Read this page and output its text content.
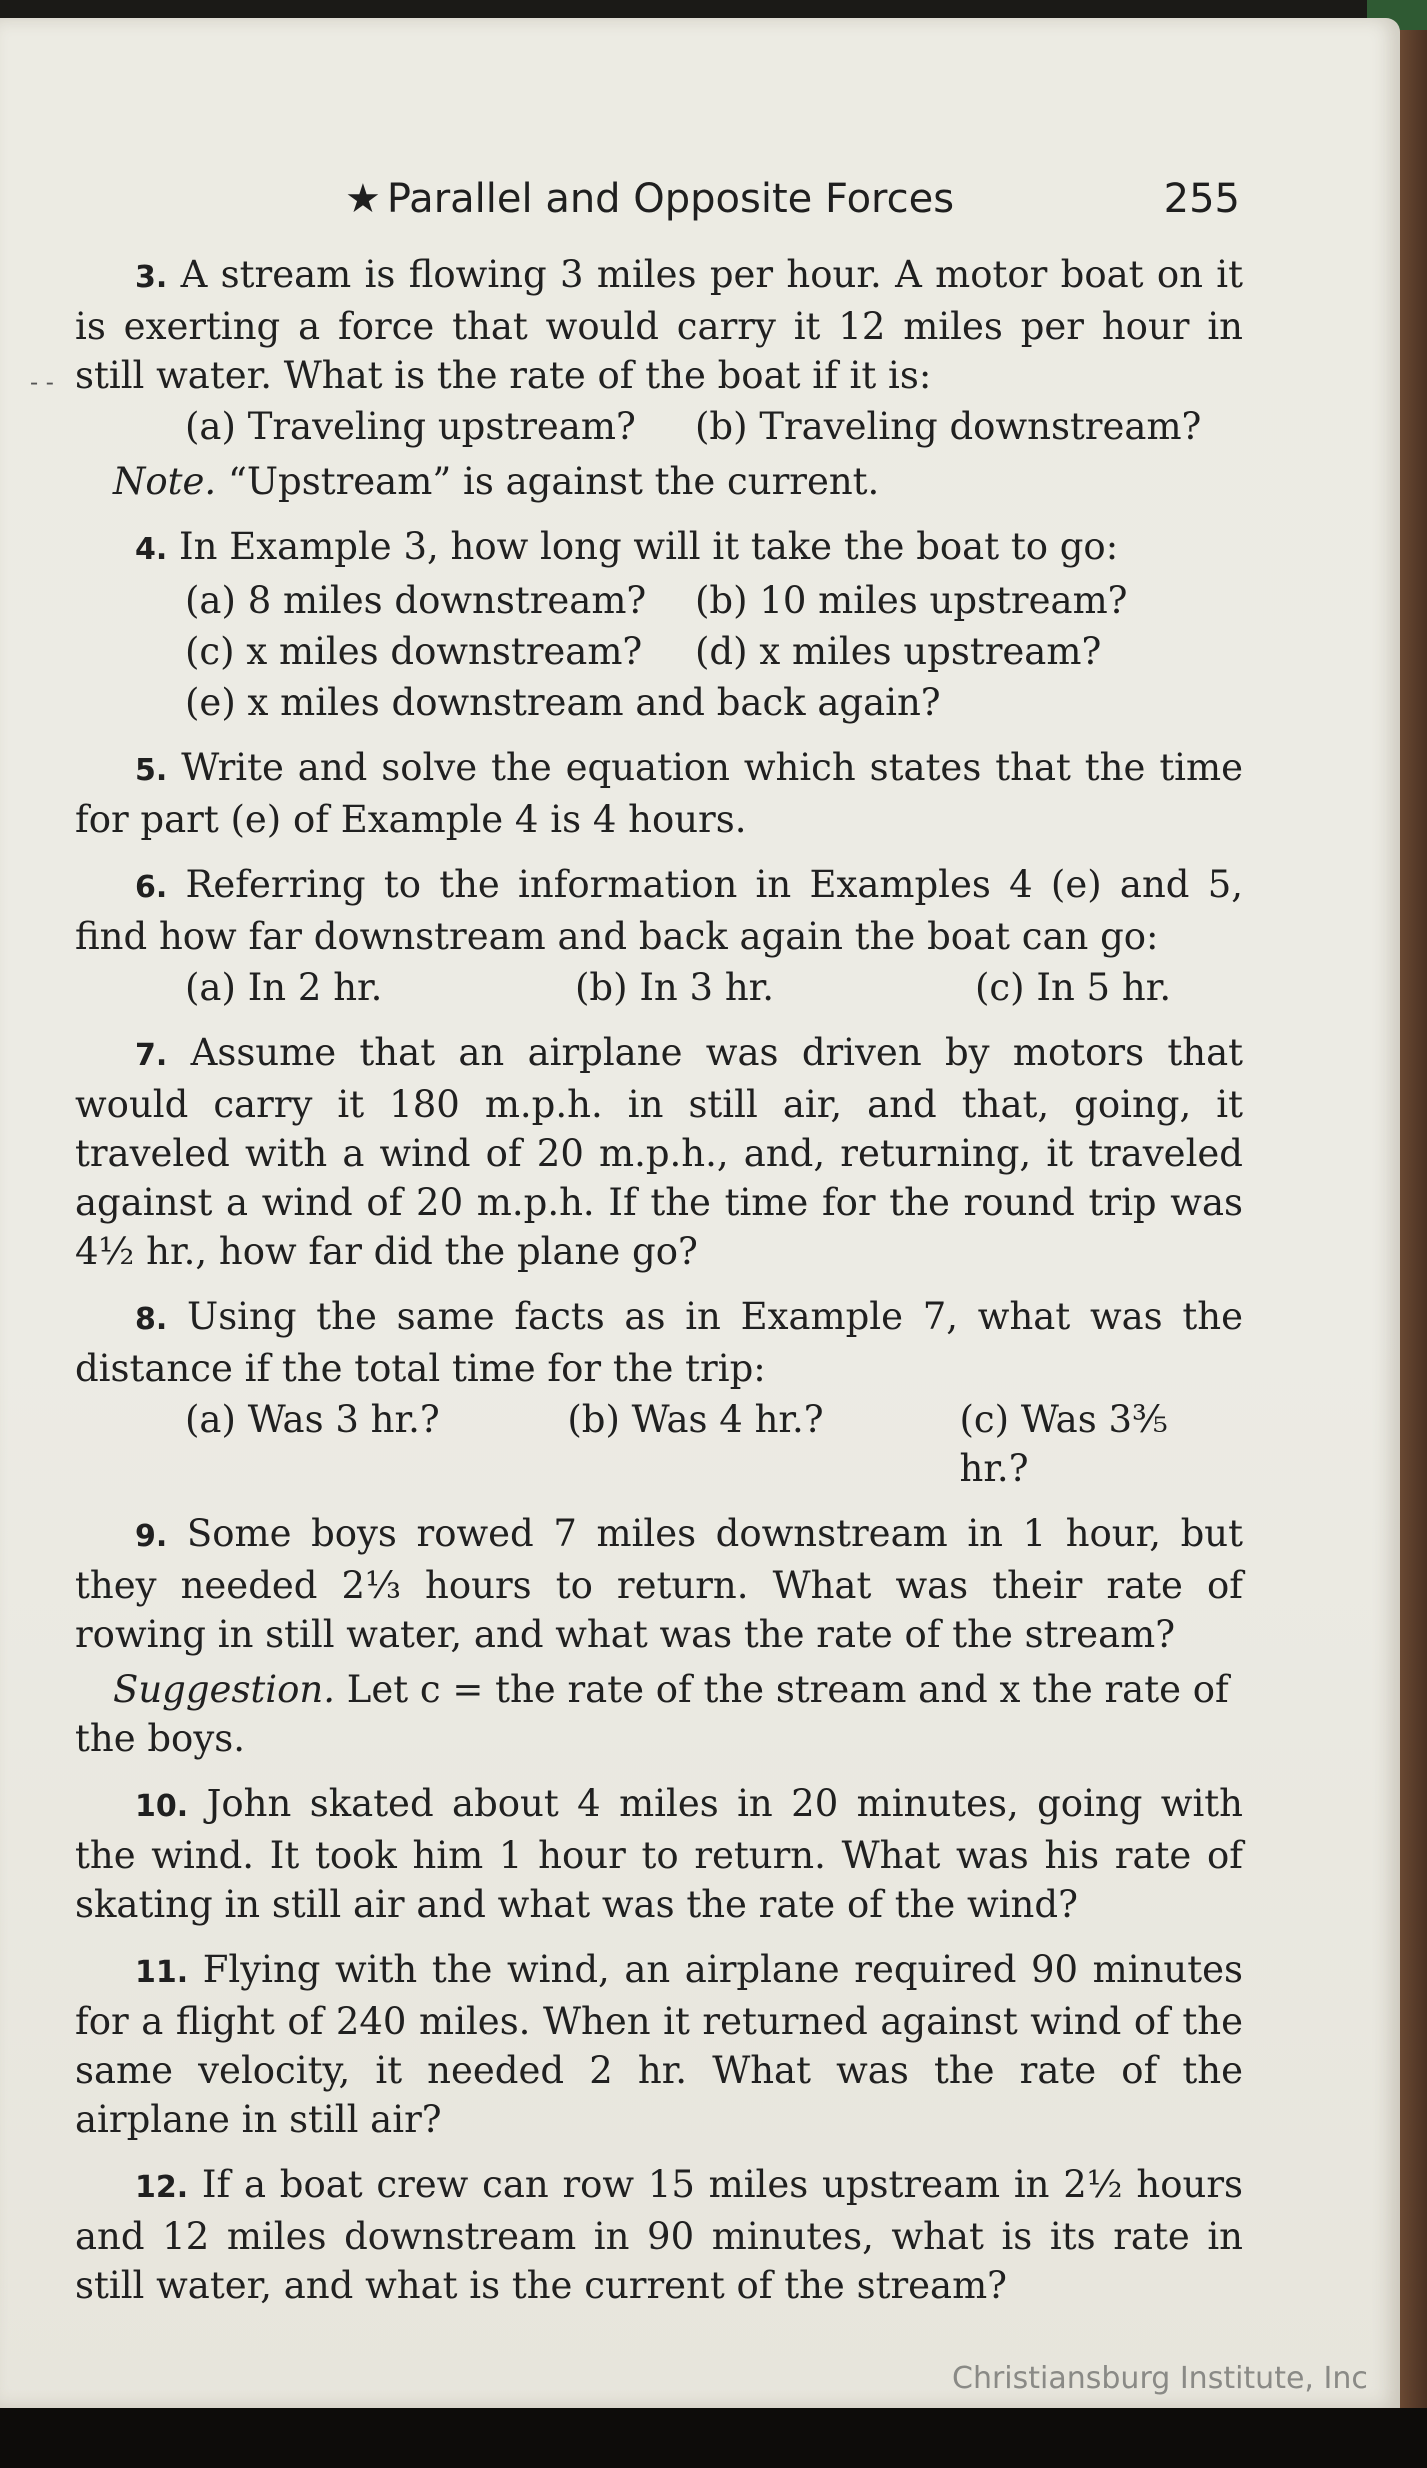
★ Parallel and Opposite Forces	255
- -

3. A stream is flowing 3 miles per hour. A motor boat on it is exerting a force that would carry it 12 miles per hour in still water. What is the rate of the boat if it is:

(a) Traveling upstream?	(b) Traveling downstream?

Note. “Upstream” is against the current.

4. In Example 3, how long will it take the boat to go:

(a) 8 miles downstream?	(b) 10 miles upstream?
(c) x miles downstream?	(d) x miles upstream?
(e) x miles downstream and back again?

5. Write and solve the equation which states that the time for part (e) of Example 4 is 4 hours.

6. Referring to the information in Examples 4 (e) and 5, find how far downstream and back again the boat can go:

(a) In 2 hr.	(b) In 3 hr.	(c) In 5 hr.

7. Assume that an airplane was driven by motors that would carry it 180 m.p.h. in still air, and that, going, it traveled with a wind of 20 m.p.h., and, returning, it traveled against a wind of 20 m.p.h. If the time for the round trip was 4½ hr., how far did the plane go?

8. Using the same facts as in Example 7, what was the distance if the total time for the trip:

(a) Was 3 hr.?	(b) Was 4 hr.?	(c) Was 3⅗ hr.?

9. Some boys rowed 7 miles downstream in 1 hour, but they needed 2⅓ hours to return. What was their rate of rowing in still water, and what was the rate of the stream?

Suggestion. Let c = the rate of the stream and x the rate of the boys.

10. John skated about 4 miles in 20 minutes, going with the wind. It took him 1 hour to return. What was his rate of skating in still air and what was the rate of the wind?

11. Flying with the wind, an airplane required 90 minutes for a flight of 240 miles. When it returned against wind of the same velocity, it needed 2 hr. What was the rate of the airplane in still air?

12. If a boat crew can row 15 miles upstream in 2½ hours and 12 miles downstream in 90 minutes, what is its rate in still water, and what is the current of the stream?

Christiansburg Institute, Inc
